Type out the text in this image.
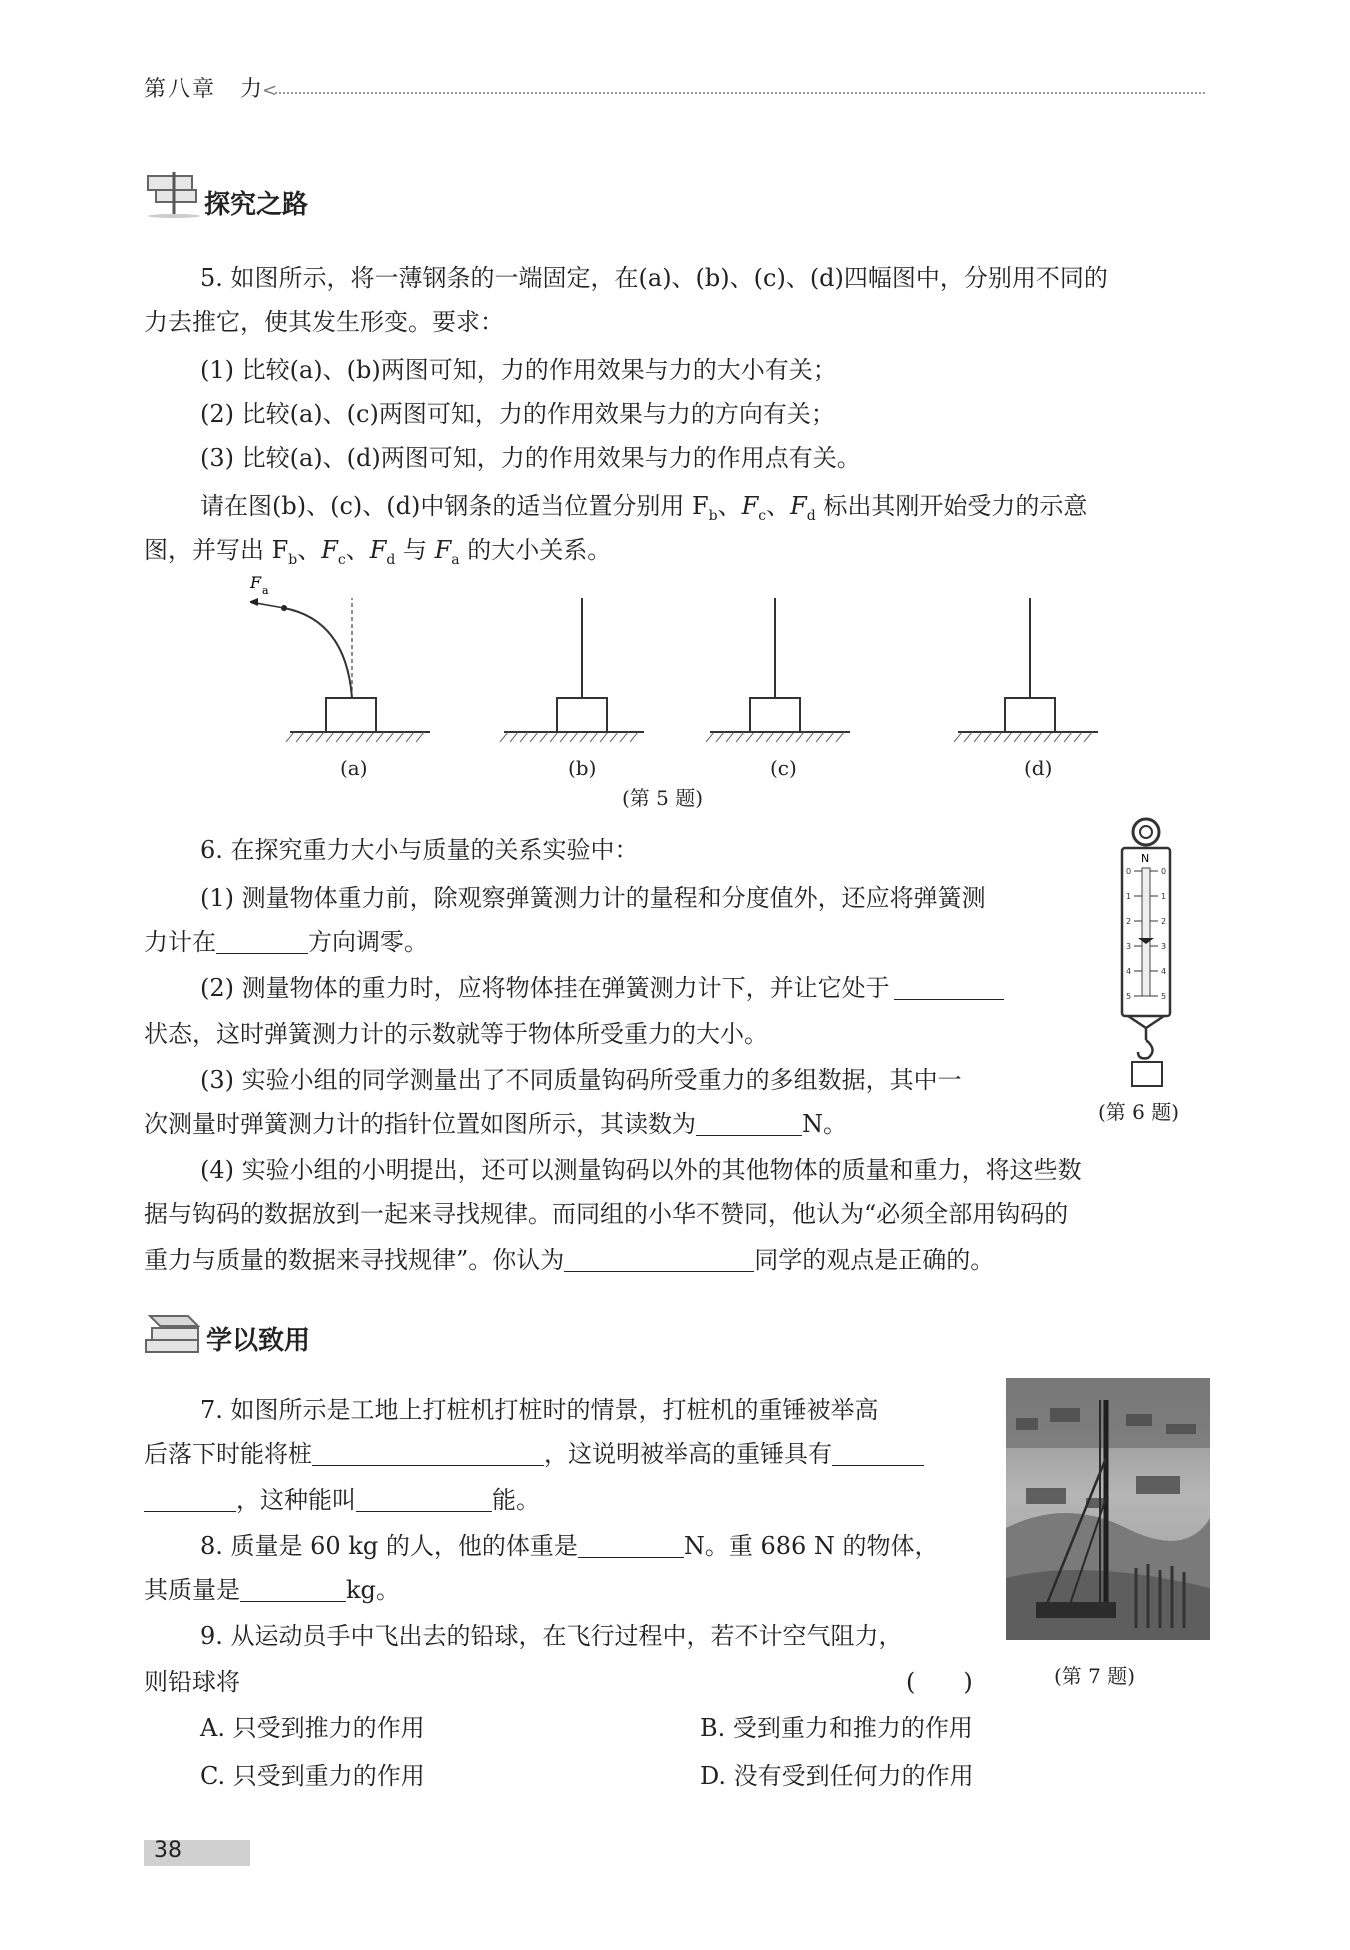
第八章　力
<
探究之路
5. 如图所示，将一薄钢条的一端固定，在(a)、(b)、(c)、(d)四幅图中，分别用不同的
力去推它，使其发生形变。要求：
(1) 比较(a)、(b)两图可知，力的作用效果与力的大小有关；
(2) 比较(a)、(c)两图可知，力的作用效果与力的方向有关；
(3) 比较(a)、(d)两图可知，力的作用效果与力的作用点有关。
请在图(b)、(c)、(d)中钢条的适当位置分别用 $F_b$、$F_c$、$F_d$ 标出其刚开始受力的示意
图，并写出 $F_b$、$F_c$、$F_d$ 与 $F_a$ 的大小关系。
F a
(a)	(b)	(c)	(d)
(第 5 题)
6. 在探究重力大小与质量的关系实验中：
(1) 测量物体重力前，除观察弹簧测力计的量程和分度值外，还应将弹簧测
力计在	方向调零。
(2) 测量物体的重力时，应将物体挂在弹簧测力计下，并让它处于
状态，这时弹簧测力计的示数就等于物体所受重力的大小。
(3) 实验小组的同学测量出了不同质量钩码所受重力的多组数据，其中一
次测量时弹簧测力计的指针位置如图所示，其读数为	N。
(4) 实验小组的小明提出，还可以测量钩码以外的其他物体的质量和重力，将这些数
据与钩码的数据放到一起来寻找规律。而同组的小华不赞同，他认为“必须全部用钩码的
重力与质量的数据来寻找规律”。你认为	同学的观点是正确的。
N
0	0
1	1
2	2
3	3
4	4
5	5
(第 6 题)
学以致用
7. 如图所示是工地上打桩机打桩时的情景，打桩机的重锤被举高
后落下时能将桩	，这说明被举高的重锤具有
，这种能叫	能。
(第 7 题)
8. 质量是 60 kg 的人，他的体重是	N。重 686 N 的物体，
其质量是	kg。
9. 从运动员手中飞出去的铅球，在飞行过程中，若不计空气阻力，
则铅球将	(　　)
A. 只受到推力的作用	B. 受到重力和推力的作用
C. 只受到重力的作用	D. 没有受到任何力的作用
38
